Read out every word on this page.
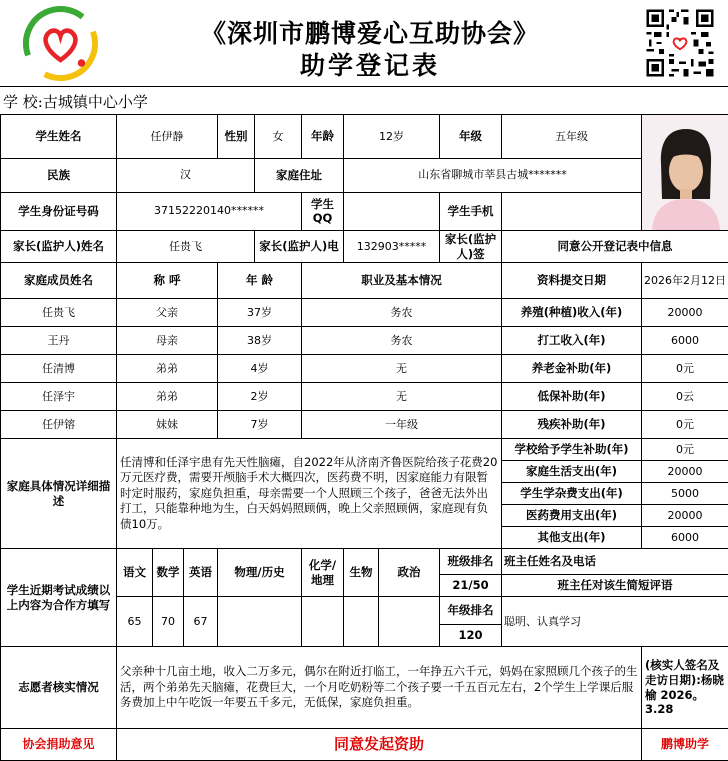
《深圳市鹏博爱心互助协会》
助学登记表
学 校:古城镇中心小学
学生姓名	任伊静			性别	女	年龄	12岁		年级	五年级	

民族	汉				家庭住址		山东省聊城市莘县古城*******				
学生身份证号码	37152220140******					学生QQ			学生手机		
家长(监护人)姓名	任贵飞				家长(监护人)电		132903*****		家长(监护人)签	同意公开登记表中信息	
家庭成员姓名	称 呼			年 龄		职业及基本情况				资料提交日期	2026年2月12日
任贵飞	父亲			37岁		务农				养殖(种植)收入(年)	20000
王丹	母亲			38岁		务农				打工收入(年)	6000
任清博	弟弟			4岁		无				养老金补助(年)	0元
任泽宇	弟弟			2岁		无				低保补助(年)	0云
任伊镕	妹妹			7岁		一年级				残疾补助(年)	0元
家庭具体情况详细描述	任清博和任泽宇患有先天性脑瘫，自2022年从济南齐鲁医院给孩子花费20万元医疗费，需要开颅脑手术大概四次，医药费不明，因家庭能力有限暂时定时服药，家庭负担重，母亲需要一个人照顾三个孩子，爸爸无法外出打工，只能靠种地为生，白天妈妈照顾俩，晚上父亲照顾俩，家庭现有负债10万。									学校给予学生补助(年)	0元
										家庭生活支出(年)	20000
										学生学杂费支出(年)	5000
										医药费用支出(年)	20000
										其他支出(年)	6000
学生近期考试成绩以上内容为合作方填写	语文	数学	英语	物理/历史		化学/地理	生物	政治	班级排名	班主任姓名及电话	
									21/50	班主任对该生简短评语	
	65	70	67						年级排名	聪明、认真学习	
									120		
志愿者核实情况	父亲种十几亩土地，收入二万多元，偶尔在附近打临工，一年挣五六千元，妈妈在家照顾几个孩子的生活，两个弟弟先天脑瘫，花费巨大，一个月吃奶粉等二个孩子要一千五百元左右，2个学生上学课后服务费加上中午吃饭一年要五千多元，无低保，家庭负担重。										(核实人签名及走访日期):杨晓榆 2026。3.28
协会捐助意见	同意发起资助										鹏博助学
